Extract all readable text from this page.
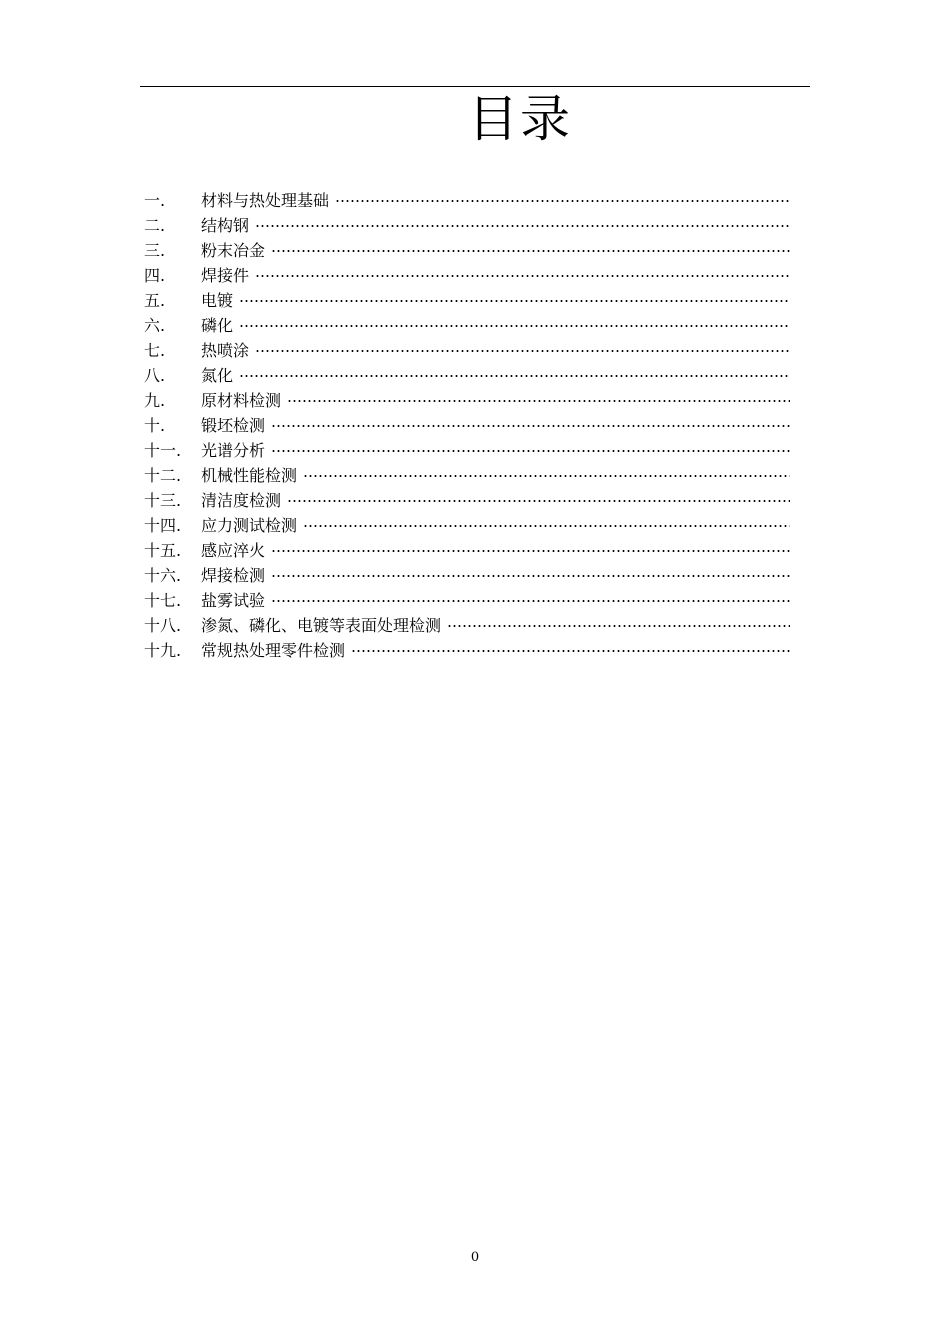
目录
一.	材料与热处理基础
二.	结构钢
三.	粉末冶金
四.	焊接件
五.	电镀
六.	磷化
七.	热喷涂
八.	氮化
九.	原材料检测
十.	锻坯检测
十一.	光谱分析
十二.	机械性能检测
十三.	清洁度检测
十四.	应力测试检测
十五.	感应淬火
十六.	焊接检测
十七.	盐雾试验
十八.	渗氮、磷化、电镀等表面处理检测
十九.	常规热处理零件检测
0
